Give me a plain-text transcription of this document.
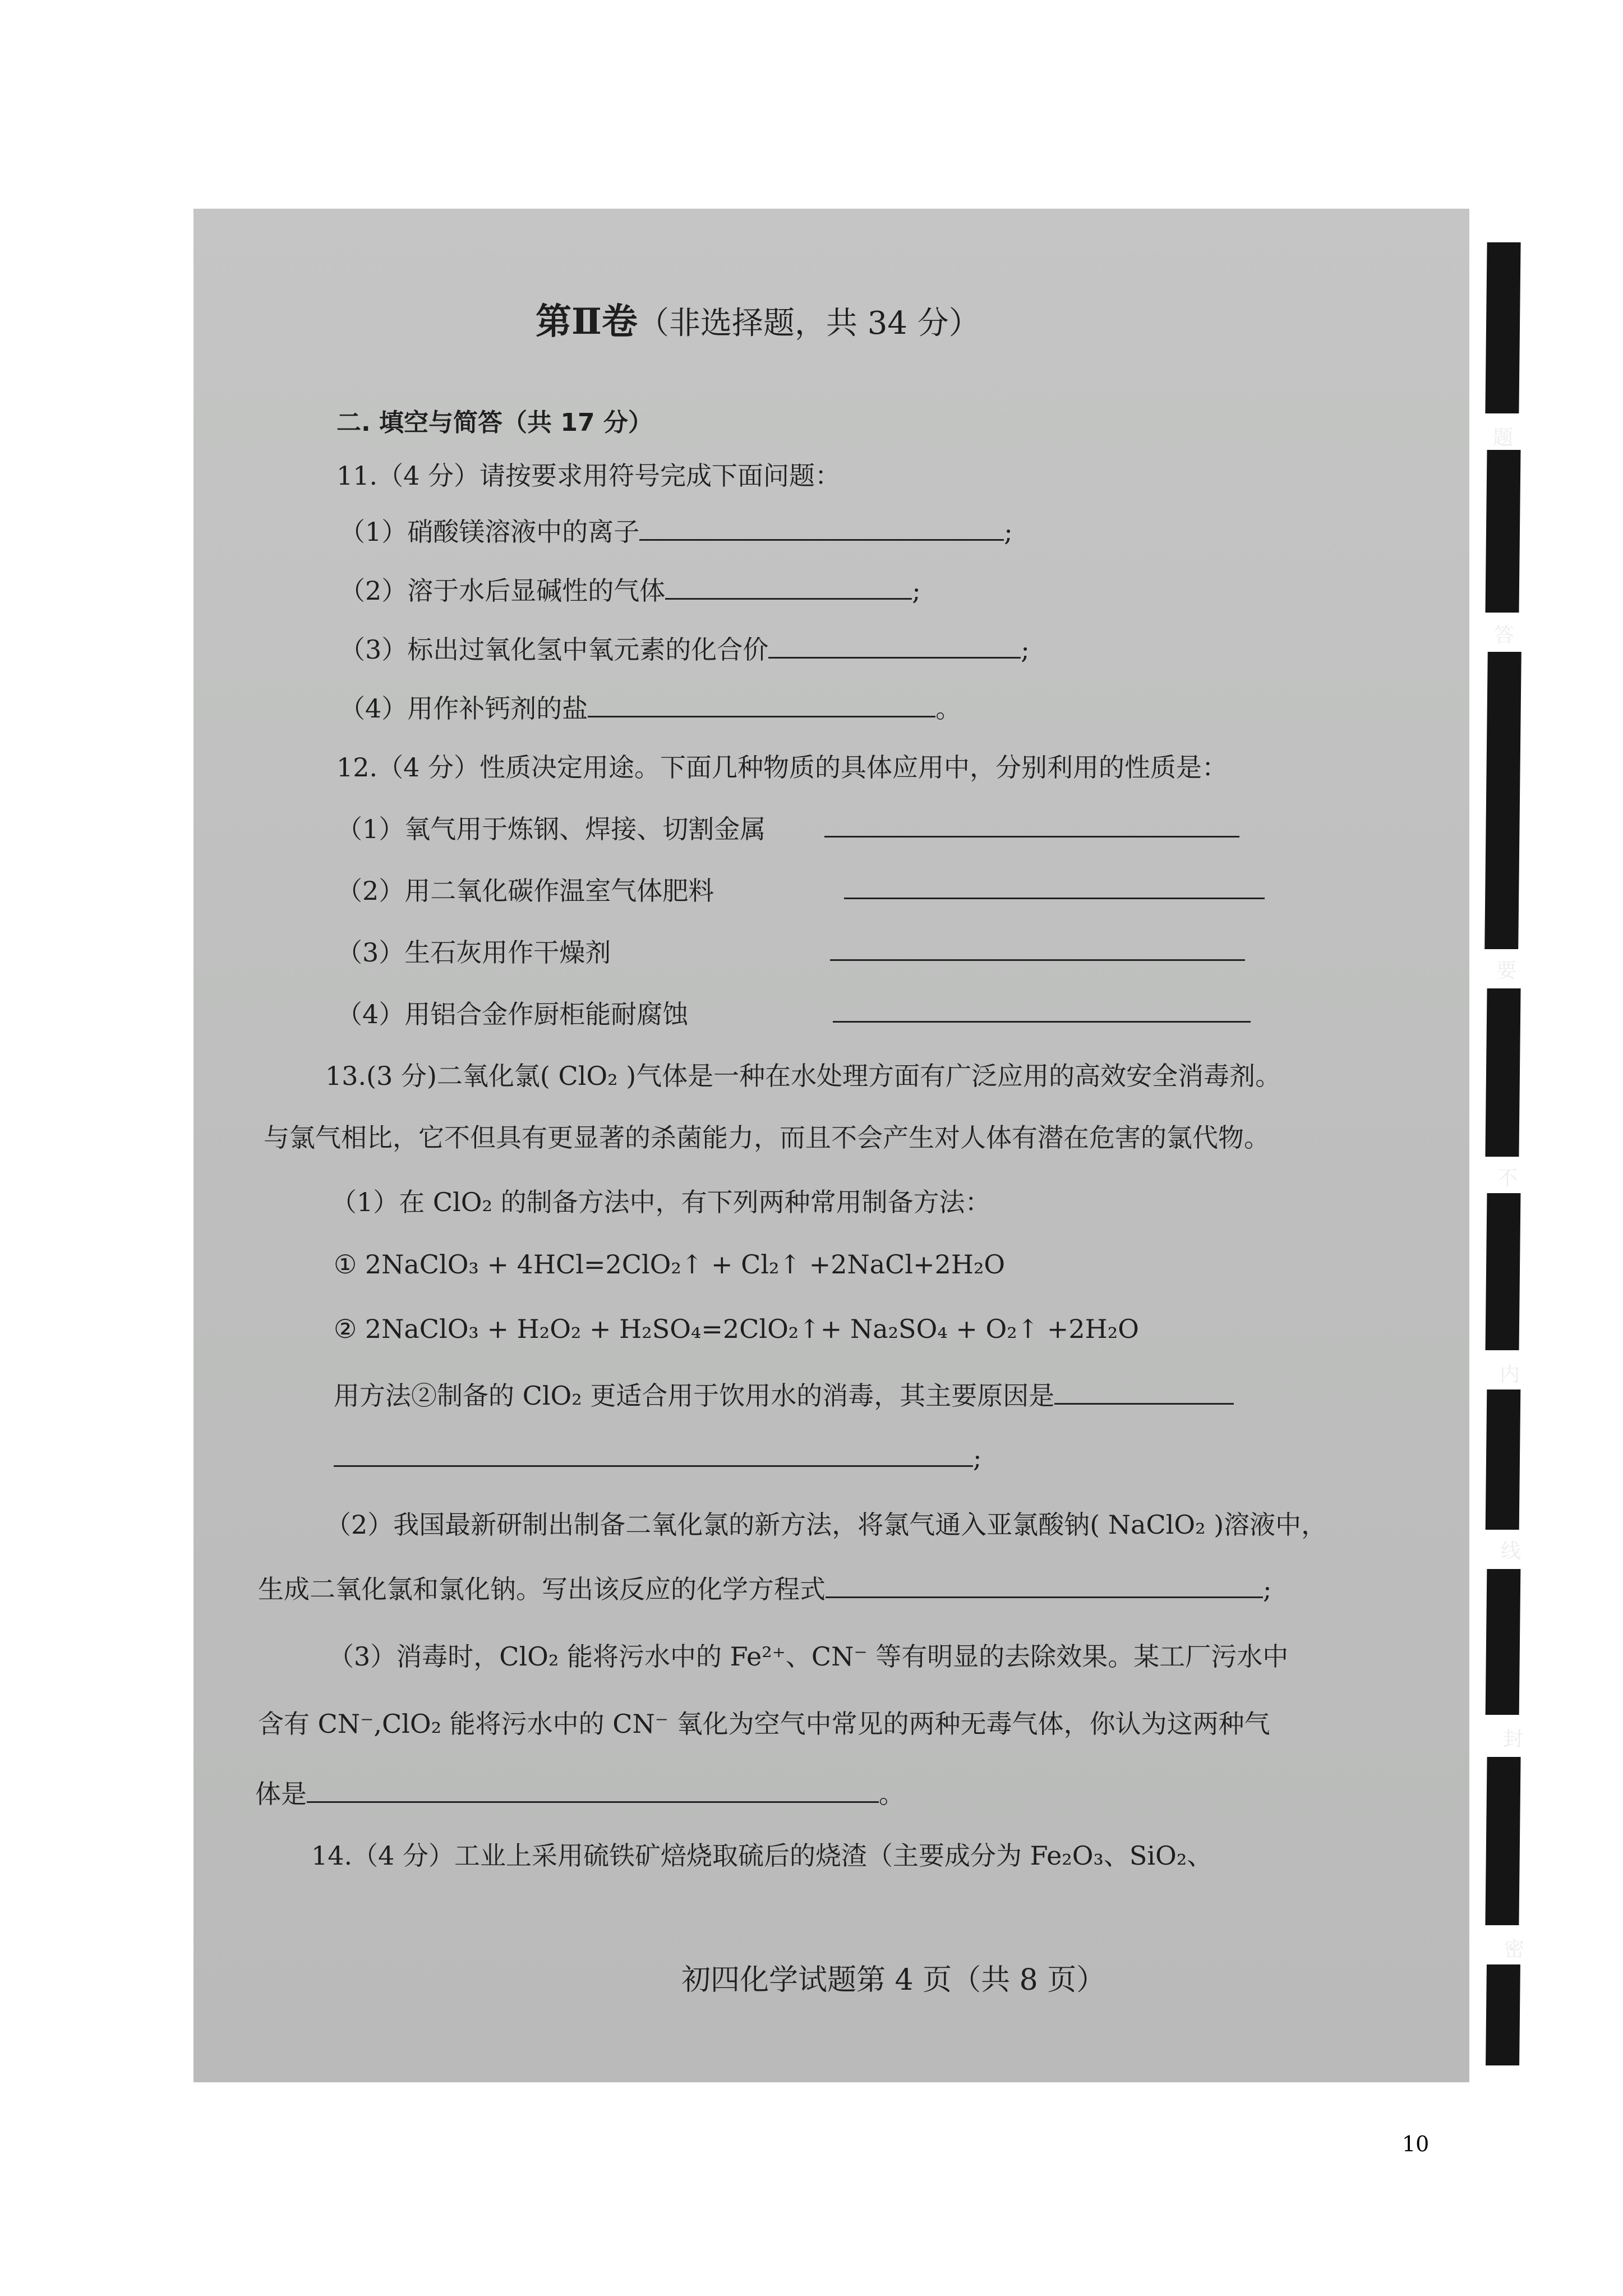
题
答
要
不
内
线
封
密
第Ⅱ卷（非选择题，共 34 分）
二. 填空与简答（共 17 分）
11.（4 分）请按要求用符号完成下面问题：
（1）硝酸镁溶液中的离子	;
（2）溶于水后显碱性的气体	;
（3）标出过氧化氢中氧元素的化合价	;
（4）用作补钙剂的盐	。
12.（4 分）性质决定用途。下面几种物质的具体应用中，分别利用的性质是：
（1）氧气用于炼钢、焊接、切割金属
（2）用二氧化碳作温室气体肥料
（3）生石灰用作干燥剂
（4）用铝合金作厨柜能耐腐蚀
13.(3 分)二氧化氯( ClO₂ )气体是一种在水处理方面有广泛应用的高效安全消毒剂。
与氯气相比，它不但具有更显著的杀菌能力，而且不会产生对人体有潜在危害的氯代物。
（1）在 ClO₂ 的制备方法中，有下列两种常用制备方法：
① 2NaClO₃ + 4HCl=2ClO₂↑ + Cl₂↑ +2NaCl+2H₂O
② 2NaClO₃ + H₂O₂ + H₂SO₄=2ClO₂↑+ Na₂SO₄ + O₂↑ +2H₂O
用方法②制备的 ClO₂ 更适合用于饮用水的消毒，其主要原因是
;
（2）我国最新研制出制备二氧化氯的新方法，将氯气通入亚氯酸钠( NaClO₂ )溶液中，
生成二氧化氯和氯化钠。写出该反应的化学方程式	;
（3）消毒时，ClO₂ 能将污水中的 Fe²⁺、CN⁻ 等有明显的去除效果。某工厂污水中
含有 CN⁻,ClO₂ 能将污水中的 CN⁻ 氧化为空气中常见的两种无毒气体，你认为这两种气
体是	。
14.（4 分）工业上采用硫铁矿焙烧取硫后的烧渣（主要成分为 Fe₂O₃、SiO₂、
初四化学试题第 4 页（共 8 页）
10
